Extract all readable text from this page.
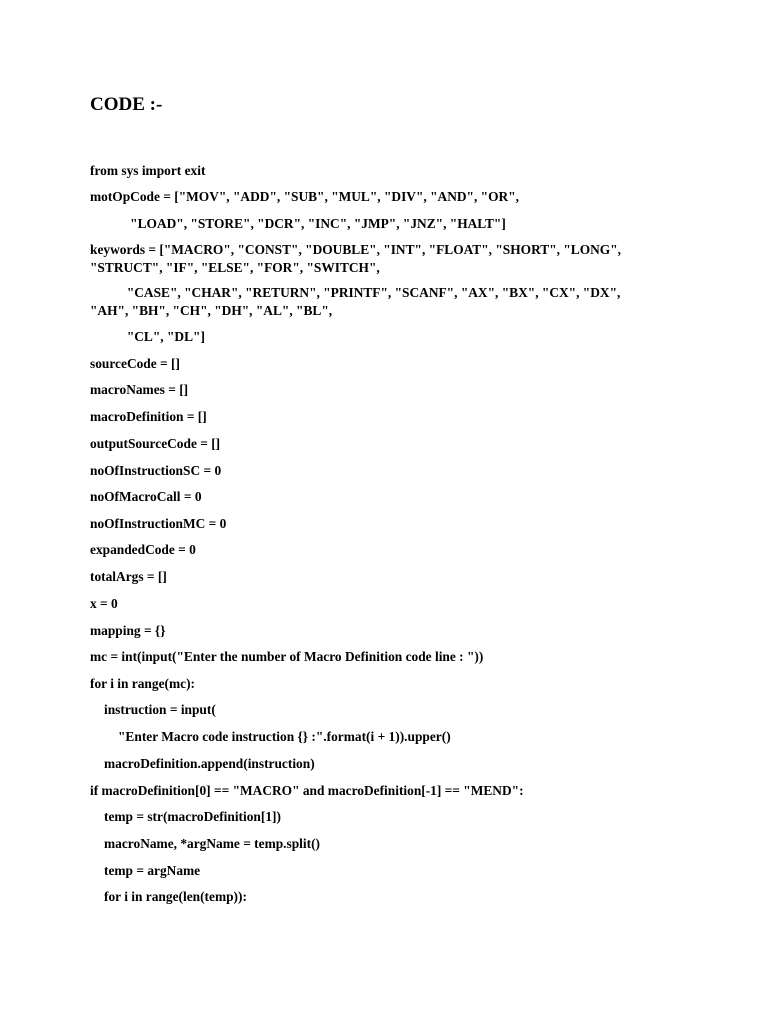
CODE :-
from sys import exit
motOpCode = ["MOV", "ADD", "SUB", "MUL", "DIV", "AND", "OR",
"LOAD", "STORE", "DCR", "INC", "JMP", "JNZ", "HALT"]
keywords = ["MACRO", "CONST", "DOUBLE", "INT", "FLOAT", "SHORT", "LONG",
"STRUCT", "IF", "ELSE", "FOR", "SWITCH",
"CASE", "CHAR", "RETURN", "PRINTF", "SCANF", "AX", "BX", "CX", "DX",
"AH", "BH", "CH", "DH", "AL", "BL",
"CL", "DL"]
sourceCode = []
macroNames = []
macroDefinition = []
outputSourceCode = []
noOfInstructionSC = 0
noOfMacroCall = 0
noOfInstructionMC = 0
expandedCode = 0
totalArgs = []
x = 0
mapping = {}
mc = int(input("Enter the number of Macro Definition code line : "))
for i in range(mc):
instruction = input(
"Enter Macro code instruction {} :".format(i + 1)).upper()
macroDefinition.append(instruction)
if macroDefinition[0] == "MACRO" and macroDefinition[-1] == "MEND":
temp = str(macroDefinition[1])
macroName, *argName = temp.split()
temp = argName
for i in range(len(temp)):
